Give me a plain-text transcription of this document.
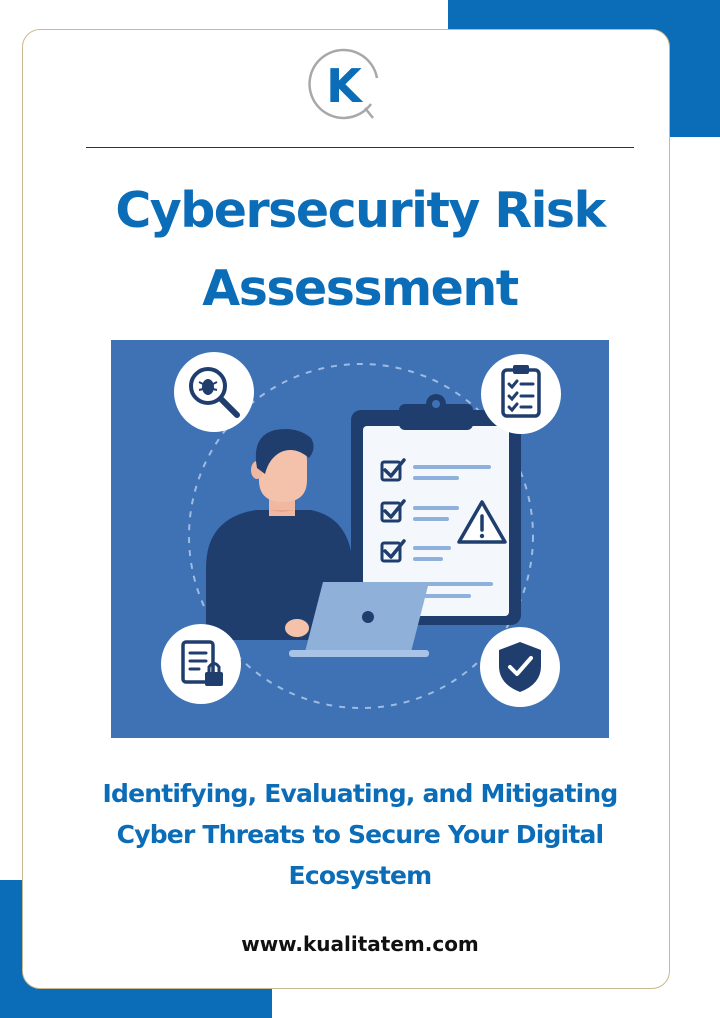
K
Cybersecurity Risk
Assessment
Identifying, Evaluating, and Mitigating
Cyber Threats to Secure Your Digital
Ecosystem

www.kualitatem.com
